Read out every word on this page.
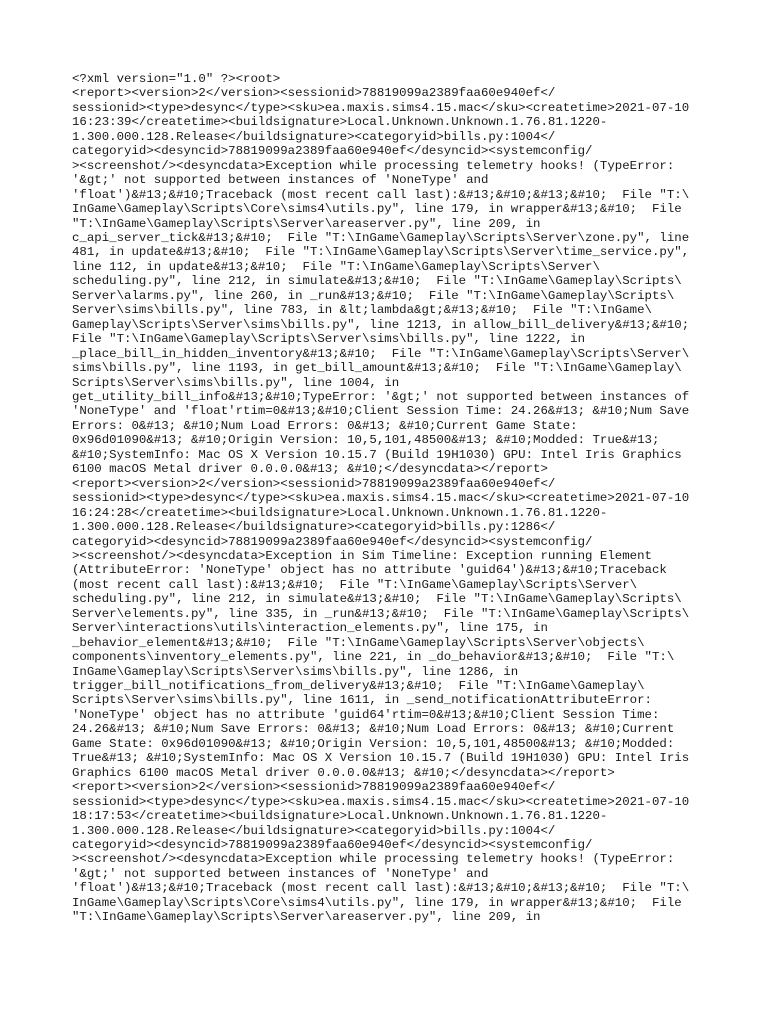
<?xml version="1.0" ?><root>
<report><version>2</version><sessionid>78819099a2389faa60e940ef</
sessionid><type>desync</type><sku>ea.maxis.sims4.15.mac</sku><createtime>2021-07-10
16:23:39</createtime><buildsignature>Local.Unknown.Unknown.1.76.81.1220-
1.300.000.128.Release</buildsignature><categoryid>bills.py:1004</
categoryid><desyncid>78819099a2389faa60e940ef</desyncid><systemconfig/
><screenshot/><desyncdata>Exception while processing telemetry hooks! (TypeError:
'&gt;' not supported between instances of 'NoneType' and
'float')&#13;&#10;Traceback (most recent call last):&#13;&#10;&#13;&#10;  File "T:\
InGame\Gameplay\Scripts\Core\sims4\utils.py", line 179, in wrapper&#13;&#10;  File
"T:\InGame\Gameplay\Scripts\Server\areaserver.py", line 209, in
c_api_server_tick&#13;&#10;  File "T:\InGame\Gameplay\Scripts\Server\zone.py", line
481, in update&#13;&#10;  File "T:\InGame\Gameplay\Scripts\Server\time_service.py",
line 112, in update&#13;&#10;  File "T:\InGame\Gameplay\Scripts\Server\
scheduling.py", line 212, in simulate&#13;&#10;  File "T:\InGame\Gameplay\Scripts\
Server\alarms.py", line 260, in _run&#13;&#10;  File "T:\InGame\Gameplay\Scripts\
Server\sims\bills.py", line 783, in &lt;lambda&gt;&#13;&#10;  File "T:\InGame\
Gameplay\Scripts\Server\sims\bills.py", line 1213, in allow_bill_delivery&#13;&#10;
File "T:\InGame\Gameplay\Scripts\Server\sims\bills.py", line 1222, in
_place_bill_in_hidden_inventory&#13;&#10;  File "T:\InGame\Gameplay\Scripts\Server\
sims\bills.py", line 1193, in get_bill_amount&#13;&#10;  File "T:\InGame\Gameplay\
Scripts\Server\sims\bills.py", line 1004, in
get_utility_bill_info&#13;&#10;TypeError: '&gt;' not supported between instances of
'NoneType' and 'float'rtim=0&#13;&#10;Client Session Time: 24.26&#13; &#10;Num Save
Errors: 0&#13; &#10;Num Load Errors: 0&#13; &#10;Current Game State:
0x96d01090&#13; &#10;Origin Version: 10,5,101,48500&#13; &#10;Modded: True&#13;
&#10;SystemInfo: Mac OS X Version 10.15.7 (Build 19H1030) GPU: Intel Iris Graphics
6100 macOS Metal driver 0.0.0.0&#13; &#10;</desyncdata></report>
<report><version>2</version><sessionid>78819099a2389faa60e940ef</
sessionid><type>desync</type><sku>ea.maxis.sims4.15.mac</sku><createtime>2021-07-10
16:24:28</createtime><buildsignature>Local.Unknown.Unknown.1.76.81.1220-
1.300.000.128.Release</buildsignature><categoryid>bills.py:1286</
categoryid><desyncid>78819099a2389faa60e940ef</desyncid><systemconfig/
><screenshot/><desyncdata>Exception in Sim Timeline: Exception running Element
(AttributeError: 'NoneType' object has no attribute 'guid64')&#13;&#10;Traceback
(most recent call last):&#13;&#10;  File "T:\InGame\Gameplay\Scripts\Server\
scheduling.py", line 212, in simulate&#13;&#10;  File "T:\InGame\Gameplay\Scripts\
Server\elements.py", line 335, in _run&#13;&#10;  File "T:\InGame\Gameplay\Scripts\
Server\interactions\utils\interaction_elements.py", line 175, in
_behavior_element&#13;&#10;  File "T:\InGame\Gameplay\Scripts\Server\objects\
components\inventory_elements.py", line 221, in _do_behavior&#13;&#10;  File "T:\
InGame\Gameplay\Scripts\Server\sims\bills.py", line 1286, in
trigger_bill_notifications_from_delivery&#13;&#10;  File "T:\InGame\Gameplay\
Scripts\Server\sims\bills.py", line 1611, in _send_notificationAttributeError:
'NoneType' object has no attribute 'guid64'rtim=0&#13;&#10;Client Session Time:
24.26&#13; &#10;Num Save Errors: 0&#13; &#10;Num Load Errors: 0&#13; &#10;Current
Game State: 0x96d01090&#13; &#10;Origin Version: 10,5,101,48500&#13; &#10;Modded:
True&#13; &#10;SystemInfo: Mac OS X Version 10.15.7 (Build 19H1030) GPU: Intel Iris
Graphics 6100 macOS Metal driver 0.0.0.0&#13; &#10;</desyncdata></report>
<report><version>2</version><sessionid>78819099a2389faa60e940ef</
sessionid><type>desync</type><sku>ea.maxis.sims4.15.mac</sku><createtime>2021-07-10
18:17:53</createtime><buildsignature>Local.Unknown.Unknown.1.76.81.1220-
1.300.000.128.Release</buildsignature><categoryid>bills.py:1004</
categoryid><desyncid>78819099a2389faa60e940ef</desyncid><systemconfig/
><screenshot/><desyncdata>Exception while processing telemetry hooks! (TypeError:
'&gt;' not supported between instances of 'NoneType' and
'float')&#13;&#10;Traceback (most recent call last):&#13;&#10;&#13;&#10;  File "T:\
InGame\Gameplay\Scripts\Core\sims4\utils.py", line 179, in wrapper&#13;&#10;  File
"T:\InGame\Gameplay\Scripts\Server\areaserver.py", line 209, in
